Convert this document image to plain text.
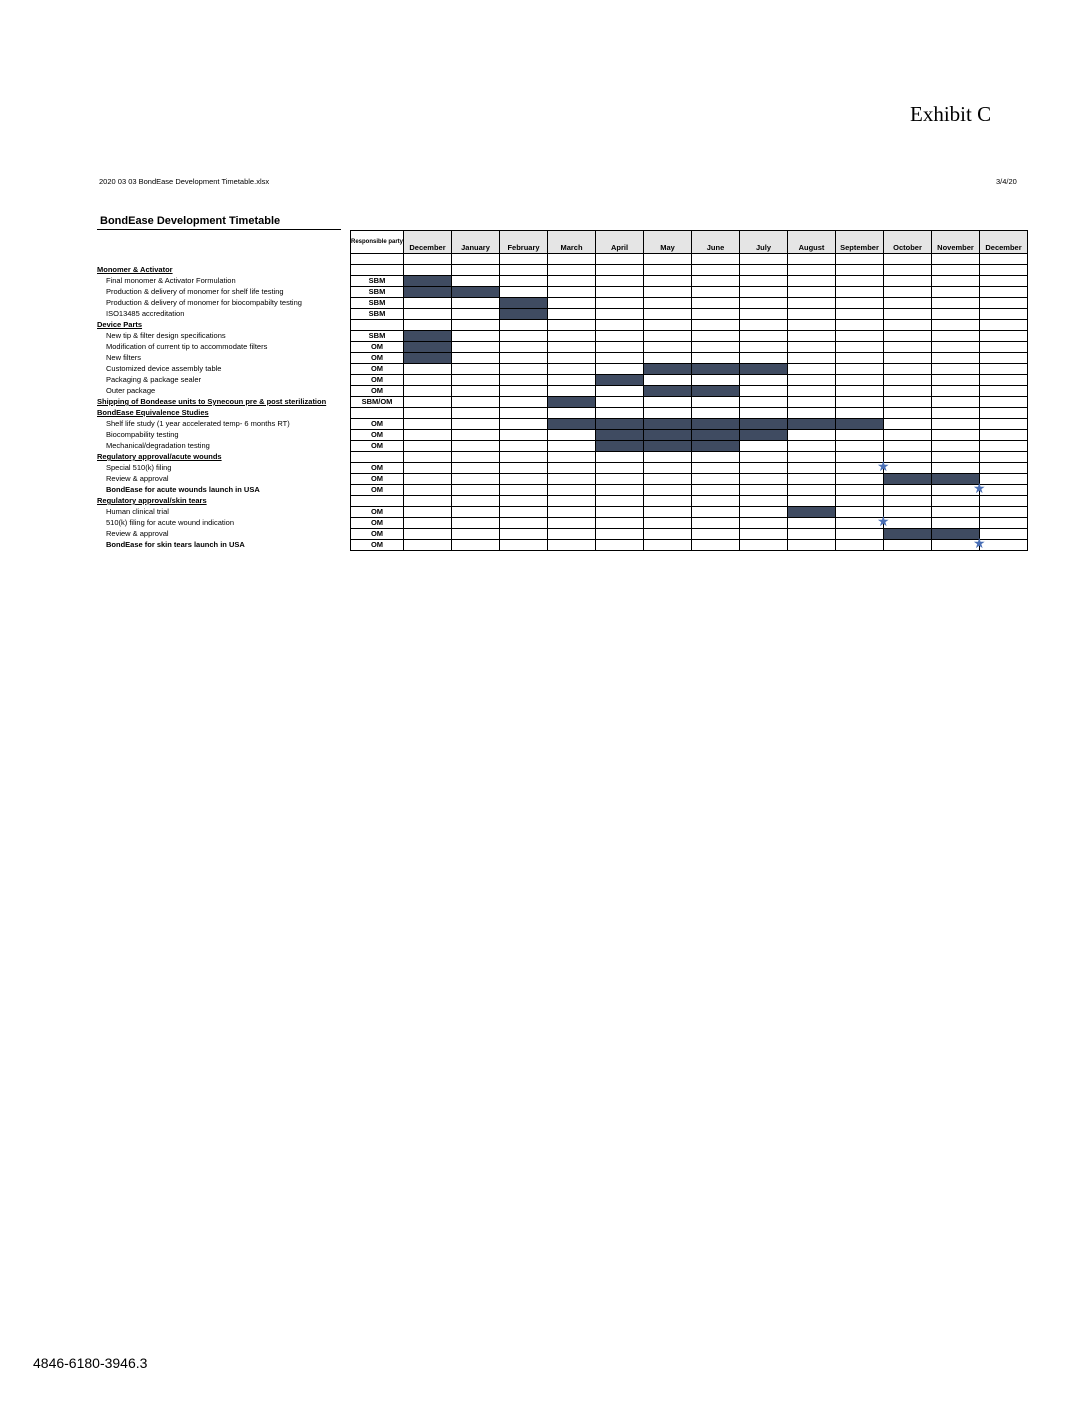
Exhibit C
2020 03 03 BondEase Development Timetable.xlsx	3/4/20
BondEase Development Timetable
	Responsible party	December	January	February	March	April	May	June	July	August	September	October	November	December

Monomer & Activator														
Final monomer & Activator Formulation	SBM													
Production & delivery of monomer for shelf life testing	SBM													
Production & delivery of monomer for biocompabilty testing	SBM													
ISO13485 accreditation	SBM													
Device Parts														
New tip & filter design specifications	SBM													
Modification of current tip to accommodate filters	OM													
New filters	OM													
Customized device assembly table	OM													
Packaging & package sealer	OM													
Outer package	OM													
Shipping of Bondease units to Synecoun pre & post sterilization	SBM/OM													
BondEase Equivalence Studies														
Shelf life study (1 year accelerated temp- 6 months RT)	OM													
Biocompability testing	OM													
Mechanical/degradation testing	OM													
Regulatory approval/acute wounds														
Special 510(k) filing	OM											★		

Review & approval	OM													
BondEase for acute wounds launch in USA	OM													★

Regulatory approval/skin tears														
Human clinical trial	OM													
510(k) filing for acute wound indication	OM											★		

Review & approval	OM													
BondEase for skin tears launch in USA	OM													★
4846-6180-3946.3
